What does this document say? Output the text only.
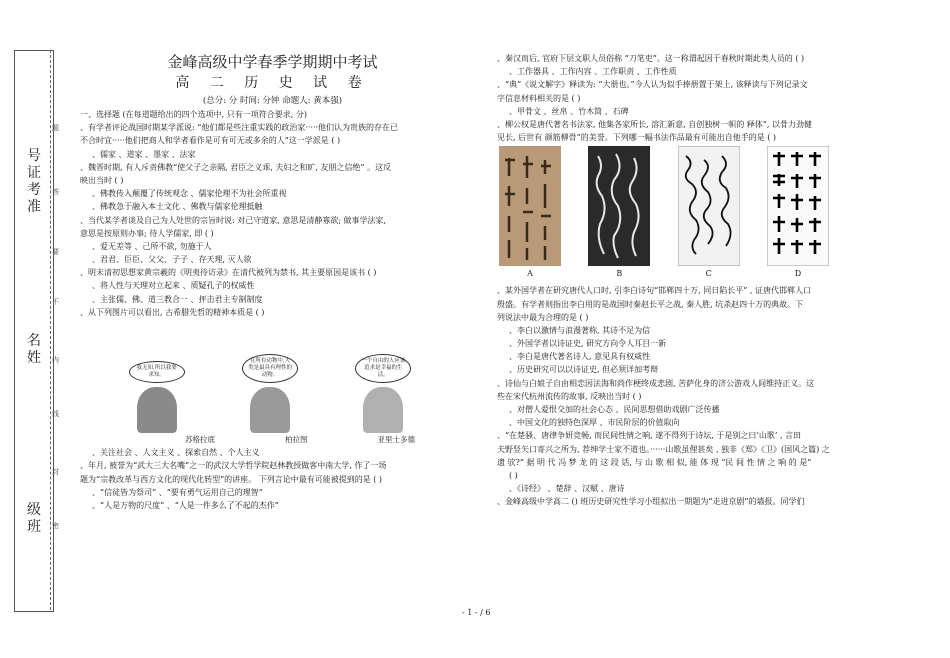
号
证
考
准
名
姓
级
班
题
答
要
不
内
线
封
密
金峰高级中学春季学期期中考试
高 二 历 史 试 卷
(总分: 分 时间: 分钟 命题人: 黄本强)
一、选择题 (在每道题给出的四个选项中, 只有一项符合要求, 分)
、有学者评论战国时期某学派说: “他们都是些注重实践的政治家·····他们认为贵族的存在已
不合时宜·····他们把商人和学者看作是可有可无或多余的人”这一学派是 ( )
、儒家 、道家 、墨家 、法家
、魏晋时期, 有人斥责佛教“使父子之亲隔, 君臣之义乖, 夫妇之和旷, 友朋之信绝” 。这反
映出当时 ( )
、佛教传入颠覆了传统观念 、儒家伦理不为社会所重视
、佛教急于融入本土文化 、佛教与儒家伦理抵触
、当代某学者谈及自己为人处世的宗旨时说: 对己守道家, 意思是清静寡欲; 做事学法家,
意思是按原则办事; 待人学儒家, 即 ( )
、爱无差等 、己所不欲, 勿施于人
、君君、臣臣、父父、子子 、存天理, 灭人欲
、明末清初思想家黄宗羲的《明夷待访录》在清代被列为禁书, 其主要原因是该书 ( )
、将人性与天理对立起来 、质疑孔子的权威性
、主张儒、佛、道三教合一 、抨击君主专制制度
、从下列图片可以看出, 古希腊先哲的精神本质是 ( )
我无知,所以我要求知。
在所有动物中,人类是最具有理性的动物。
一个自由的人应该追求是幸福的生活。
苏格拉底	柏拉图	亚里士多德
、关注社会 、人文主义 、探索自然 、个人主义
、年月, 被誉为“武大三大名嘴”之一的武汉大学哲学院赵林教授做客中南大学, 作了一场
题为“宗教改革与西方文化的现代化转型”的讲座。 下列言论中最有可能被提到的是 ( )
、“信徒皆为祭司” 、“要有勇气运用自己的理智”
、“人是万物的尺度” 、“人是一件多么了不起的杰作”
、秦汉而后, 官府下层文职人员俗称 “刀笔吏”。这一称谓起因于春秋时期此类人员的 ( )
、工作器具 、工作内容 、工作职责 、工作性质
、“典”《说文解字》释读为: “大册也。”今人认为似手捧册置于架上, 该释读与下列记录文
字信息材料相关的是 ( )
、甲骨文 、丝帛 、竹木简 、石碑
、柳公权是唐代著名书法家, 他集各家所长, 溶汇新意, 自创独树一帜的 释体”, 以骨力劲健
见长, 后世有 颜筋柳骨”的美誉。下列哪一幅书法作品最有可能出自他手的是 ( )
A	B	C	D
、某外国学者在研究唐代人口时, 引李白诗句“邯郸四十万, 同日陷长平” , 证唐代邯郸人口
殷盛。有学者则指出李白用的是战国时秦赵长平之战, 秦人胜, 坑杀赵四十万的典故。下
列说法中最为合理的是 ( )
、李白以激情与浪漫著称, 其诗不足为信
、外国学者以诗证史, 研究方向令人耳目一新
、李白是唐代著名诗人, 意见具有权威性
、历史研究可以以诗证史, 但必须详加考辩
、诗仙与白娘子自由相恋因法海和尚作梗终成悲剧, 苦萨化身的济公游戏人间维持正义。这
些在宋代杭州流传的故事, 反映出当时 ( )
、对僧人爱恨交加的社会心态 、民间思想借助戏剧广泛传播
、中国文化的独特色深厚 、市民阶层的价值取向
、“在楚骚、唐律争妍竞畅, 而民间性情之响, 遂不得列于诗坛, 于是别之曰‘山歌’ , 言田
夫野竖矢口寄兴之所为, 荐绅学士家不道也。······山歌虽俚甚矣 , 独非《郑》《卫》(国风之篇) 之
遗 欤?” 据 明 代 冯 梦 龙 的 这 段 话, 与 山 歌 相 似, 能 体 现 “民 间 性 情 之 响 的 是”
( )
、《诗经》 、楚辞 、汉赋 、唐诗
、金峰高级中学高二 () 班历史研究性学习小组拟出一期题为“走进京剧”的墙报。同学们
- 1 - / 6
